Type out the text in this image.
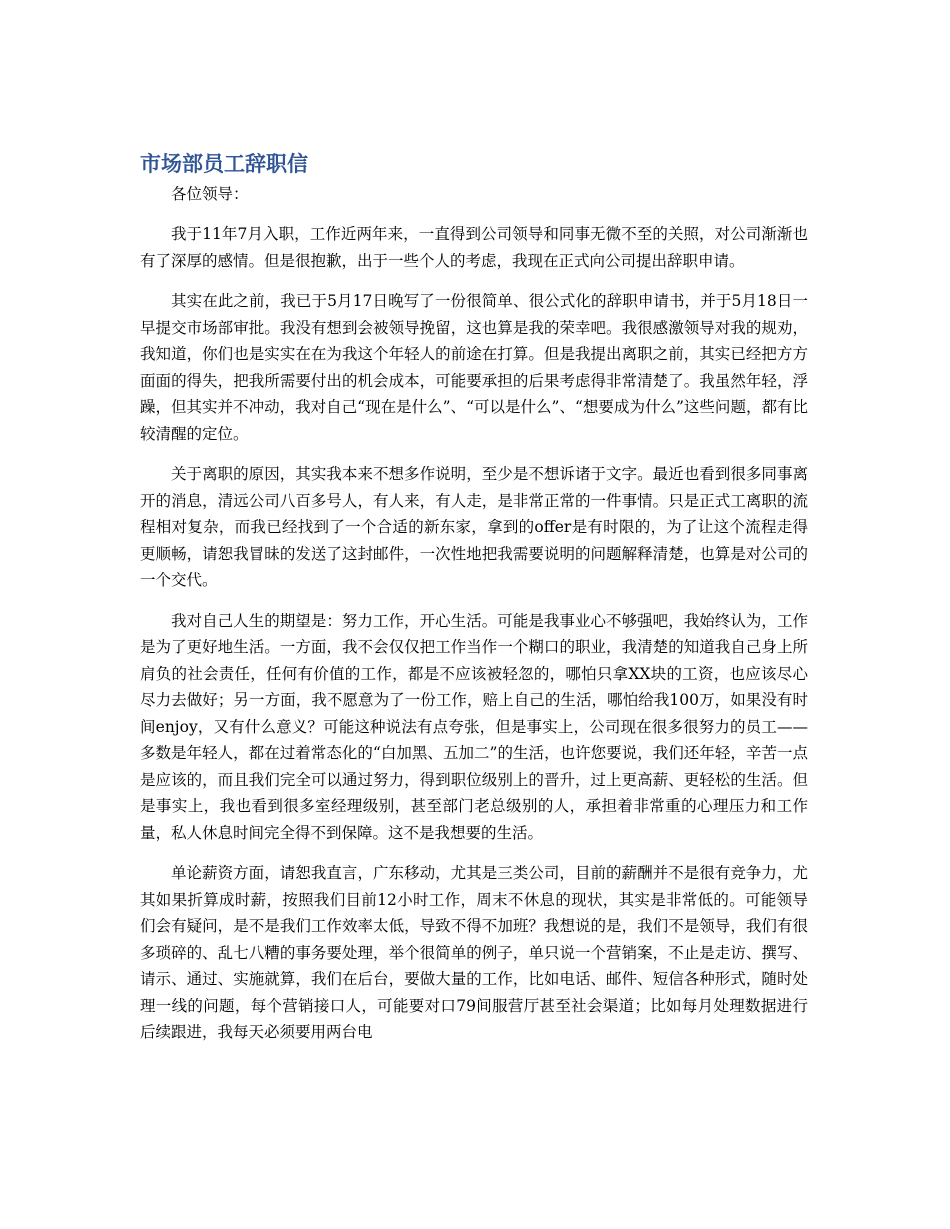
市场部员工辞职信

各位领导：

我于11年7月入职，工作近两年来，一直得到公司领导和同事无微不至的关照，对公司渐渐也有了深厚的感情。但是很抱歉，出于一些个人的考虑，我现在正式向公司提出辞职申请。

其实在此之前，我已于5月17日晚写了一份很简单、很公式化的辞职申请书，并于5月18日一早提交市场部审批。我没有想到会被领导挽留，这也算是我的荣幸吧。我很感激领导对我的规劝，我知道，你们也是实实在在为我这个年轻人的前途在打算。但是我提出离职之前，其实已经把方方面面的得失，把我所需要付出的机会成本，可能要承担的后果考虑得非常清楚了。我虽然年轻，浮躁，但其实并不冲动，我对自己“现在是什么”、“可以是什么”、“想要成为什么”这些问题，都有比较清醒的定位。

关于离职的原因，其实我本来不想多作说明，至少是不想诉诸于文字。最近也看到很多同事离开的消息，清远公司八百多号人，有人来，有人走，是非常正常的一件事情。只是正式工离职的流程相对复杂，而我已经找到了一个合适的新东家，拿到的offer是有时限的，为了让这个流程走得更顺畅，请恕我冒昧的发送了这封邮件，一次性地把我需要说明的问题解释清楚，也算是对公司的一个交代。

我对自己人生的期望是：努力工作，开心生活。可能是我事业心不够强吧，我始终认为，工作是为了更好地生活。一方面，我不会仅仅把工作当作一个糊口的职业，我清楚的知道我自己身上所肩负的社会责任，任何有价值的工作，都是不应该被轻忽的，哪怕只拿XX块的工资，也应该尽心尽力去做好；另一方面，我不愿意为了一份工作，赔上自己的生活，哪怕给我100万，如果没有时间enjoy，又有什么意义？可能这种说法有点夸张，但是事实上，公司现在很多很努力的员工——多数是年轻人，都在过着常态化的“白加黑、五加二”的生活，也许您要说，我们还年轻，辛苦一点是应该的，而且我们完全可以通过努力，得到职位级别上的晋升，过上更高薪、更轻松的生活。但是事实上，我也看到很多室经理级别，甚至部门老总级别的人，承担着非常重的心理压力和工作量，私人休息时间完全得不到保障。这不是我想要的生活。

单论薪资方面，请恕我直言，广东移动，尤其是三类公司，目前的薪酬并不是很有竞争力，尤其如果折算成时薪，按照我们目前12小时工作，周末不休息的现状，其实是非常低的。可能领导们会有疑问，是不是我们工作效率太低，导致不得不加班？我想说的是，我们不是领导，我们有很多琐碎的、乱七八糟的事务要处理，举个很简单的例子，单只说一个营销案，不止是走访、撰写、请示、通过、实施就算，我们在后台，要做大量的工作，比如电话、邮件、短信各种形式，随时处理一线的问题，每个营销接口人，可能要对口79间服营厅甚至社会渠道；比如每月处理数据进行后续跟进，我每天必须要用两台电
